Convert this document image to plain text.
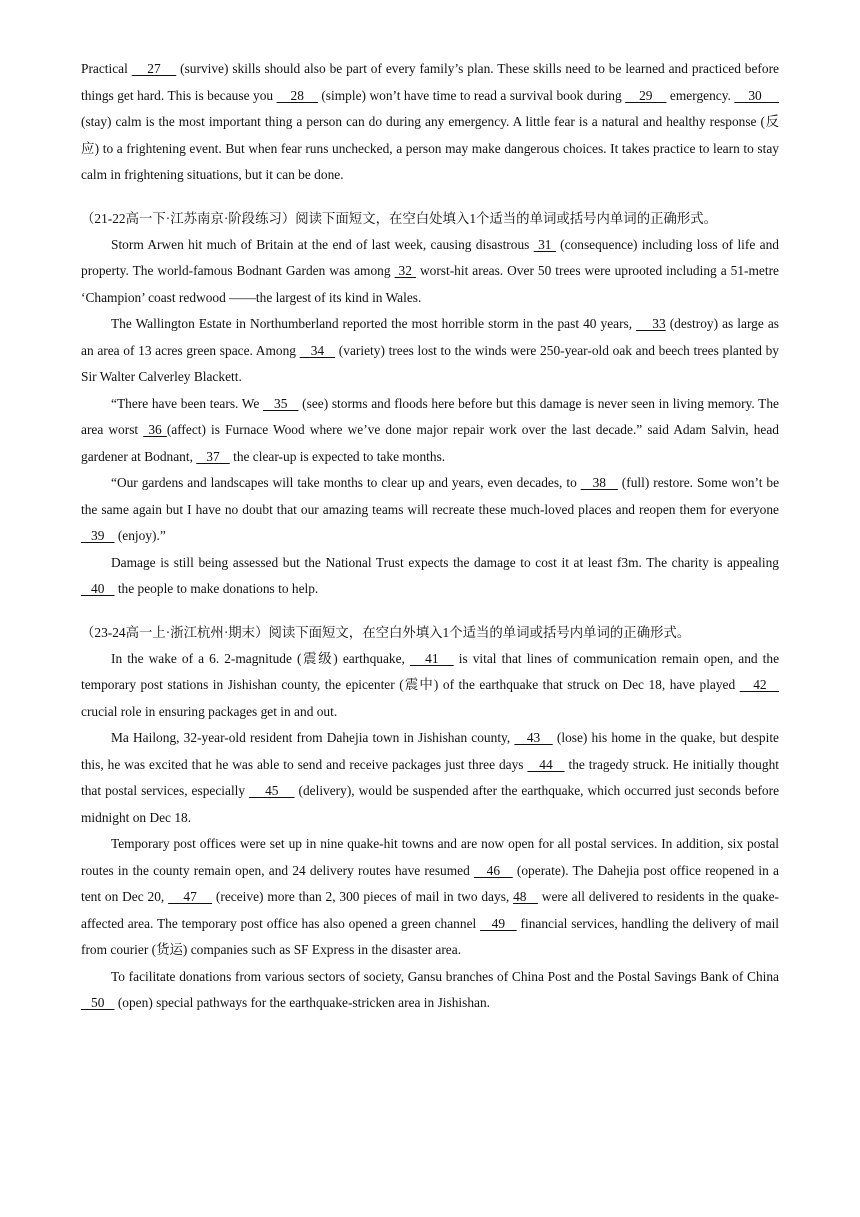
Practical     27     (survive) skills should also be part of every family’s plan. These skills need to be learned and practiced before things get hard. This is because you     28     (simple) won’t have time to read a survival book during     29     emergency.     30      (stay) calm is the most important thing a person can do during any emergency. A little fear is a natural and healthy response (反应) to a frightening event. But when fear runs unchecked, a person may make dangerous choices. It takes practice to learn to stay calm in frightening situations, but it can be done.

（21-22高一下·江苏南京·阶段练习）阅读下面短文，在空白处填入1个适当的单词或括号内单词的正确形式。

Storm Arwen hit much of Britain at the end of last week, causing disastrous  31  (consequence) including loss of life and property. The world-famous Bodnant Garden was among  32  worst-hit areas. Over 50 trees were uprooted including a 51-metre ‘Champion’ coast redwood ——the largest of its kind in Wales.

The Wallington Estate in Northumberland reported the most horrible storm in the past 40 years,     33 (destroy) as large as an area of 13 acres green space. Among    34    (variety) trees lost to the winds were 250-year-old oak and beech trees planted by Sir Walter Calverley Blackett.

“There have been tears. We    35    (see) storms and floods here before but this damage is never seen in living memory. The area worst  36 (affect) is Furnace Wood where we’ve done major repair work over the last decade.” said Adam Salvin, head gardener at Bodnant,    37    the clear-up is expected to take months.

“Our gardens and landscapes will take months to clear up and years, even decades, to    38    (full) restore. Some won’t be the same again but I have no doubt that our amazing teams will recreate these much-loved places and reopen them for everyone    39    (enjoy).”

Damage is still being assessed but the National Trust expects the damage to cost it at least f3m. The charity is appealing    40    the people to make donations to help.

（23-24高一上·浙江杭州·期末）阅读下面短文，在空白外填入1个适当的单词或括号内单词的正确形式。

In the wake of a 6. 2-magnitude (震级) earthquake,    41    is vital that lines of communication remain open, and the temporary post stations in Jishishan county, the epicenter (震中) of the earthquake that struck on Dec 18, have played    42    crucial role in ensuring packages get in and out.

Ma Hailong, 32-year-old resident from Dahejia town in Jishishan county,    43    (lose) his home in the quake, but despite this, he was excited that he was able to send and receive packages just three days    44    the tragedy struck. He initially thought that postal services, especially     45     (delivery), would be suspended after the earthquake, which occurred just seconds before midnight on Dec 18.

Temporary post offices were set up in nine quake-hit towns and are now open for all postal services. In addition, six postal routes in the county remain open, and 24 delivery routes have resumed    46    (operate). The Dahejia post office reopened in a tent on Dec 20,     47     (receive) more than 2, 300 pieces of mail in two days, 48    were all delivered to residents in the quake-affected area. The temporary post office has also opened a green channel    49    financial services, handling the delivery of mail from courier (货运) companies such as SF Express in the disaster area.

To facilitate donations from various sectors of society, Gansu branches of China Post and the Postal Savings Bank of China    50    (open) special pathways for the earthquake-stricken area in Jishishan.
